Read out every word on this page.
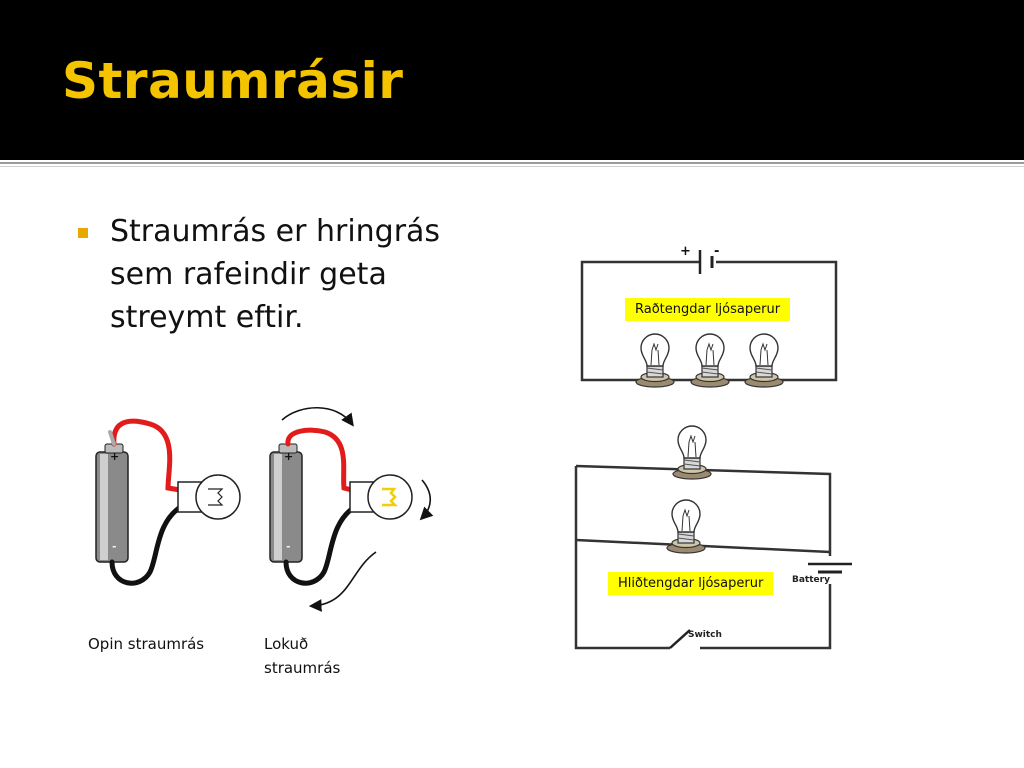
Straumrásir
Straumrás er hringrás sem rafeindir geta streymt eftir.
Opin straumrás	Lokuð
straumrás
Raðtengdar ljósaperur
Hliðtengdar ljósaperur	Battery
Switch
+ -
+
-
+
-
